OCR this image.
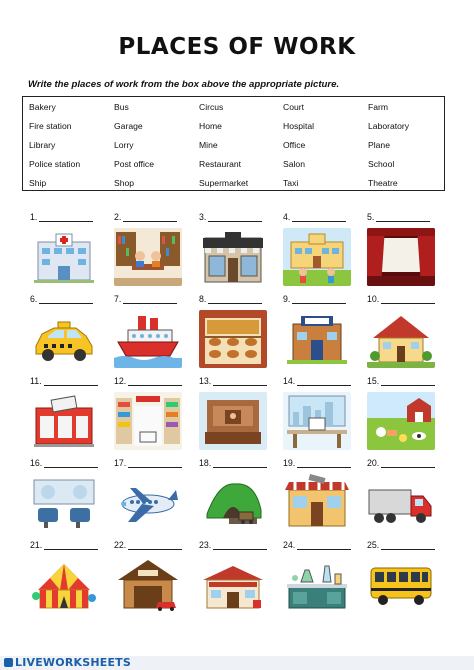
PLACES OF WORK
Write the places of work from the box above the appropriate picture.
Bakery	Bus	Circus	Court	Farm
Fire station	Garage	Home	Hospital	Laboratory
Library	Lorry	Mine	Office	Plane
Police station	Post office	Restaurant	Salon	School
Ship	Shop	Supermarket	Taxi	Theatre
1.	2.	3.	4.	5.
6.	7.	8.	9.	10.
11.	12.	13.	14.	15.
16.	17.	18.	19.	20.
21.	22.	23.	24.	25.
LIVEWORKSHEETS
